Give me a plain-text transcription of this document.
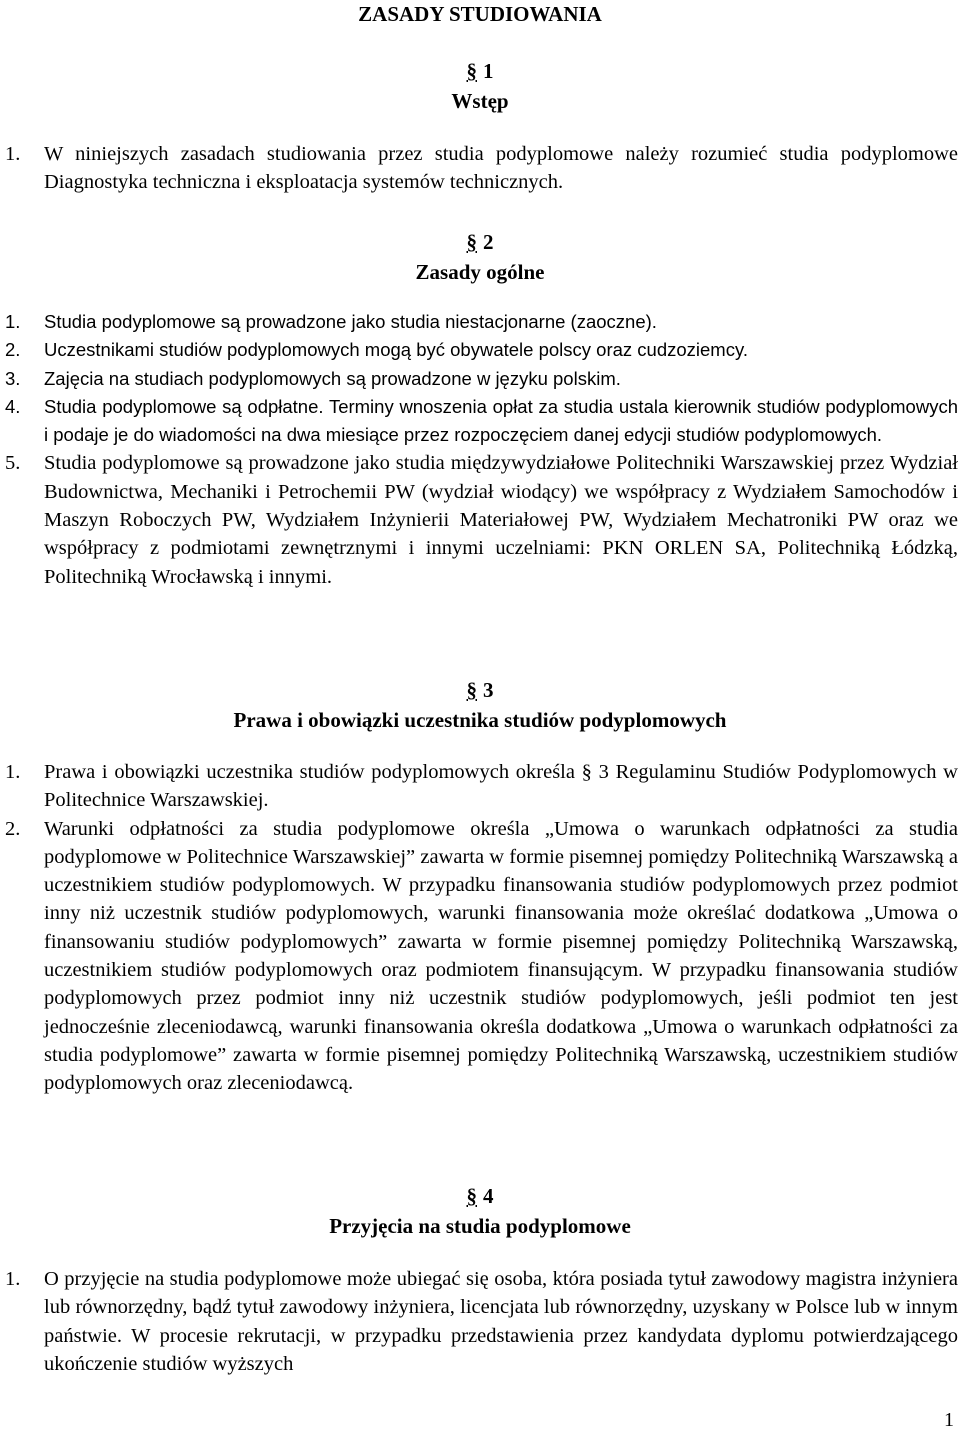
ZASADY STUDIOWANIA
§ 1
Wstęp
1. W niniejszych zasadach studiowania przez studia podyplomowe należy rozumieć studia podyplomowe Diagnostyka techniczna i eksploatacja systemów technicznych.
§ 2
Zasady ogólne
1. Studia podyplomowe są prowadzone jako studia niestacjonarne (zaoczne).
2. Uczestnikami studiów podyplomowych mogą być obywatele polscy oraz cudzoziemcy.
3. Zajęcia na studiach podyplomowych są prowadzone w języku polskim.
4. Studia podyplomowe są odpłatne. Terminy wnoszenia opłat za studia ustala kierownik studiów podyplomowych i podaje je do wiadomości na dwa miesiące przez rozpoczęciem danej edycji studiów podyplomowych.
5. Studia podyplomowe są prowadzone jako studia międzywydziałowe Politechniki Warszawskiej przez Wydział Budownictwa, Mechaniki i Petrochemii PW (wydział wiodący) we współpracy z Wydziałem Samochodów i Maszyn Roboczych PW, Wydziałem Inżynierii Materiałowej PW, Wydziałem Mechatroniki PW oraz we współpracy z podmiotami zewnętrznymi i innymi uczelniami: PKN ORLEN SA, Politechniką Łódzką, Politechniką Wrocławską i innymi.
§ 3
Prawa i obowiązki uczestnika studiów podyplomowych
1. Prawa i obowiązki uczestnika studiów podyplomowych określa § 3 Regulaminu Studiów Podyplomowych w Politechnice Warszawskiej.
2. Warunki odpłatności za studia podyplomowe określa „Umowa o warunkach odpłatności za studia podyplomowe w Politechnice Warszawskiej” zawarta w formie pisemnej pomiędzy Politechniką Warszawską a uczestnikiem studiów podyplomowych. W przypadku finansowania studiów podyplomowych przez podmiot inny niż uczestnik studiów podyplomowych, warunki finansowania może określać dodatkowa „Umowa o finansowaniu studiów podyplomowych” zawarta w formie pisemnej pomiędzy Politechniką Warszawską, uczestnikiem studiów podyplomowych oraz podmiotem finansującym. W przypadku finansowania studiów podyplomowych przez podmiot inny niż uczestnik studiów podyplomowych, jeśli podmiot ten jest jednocześnie zleceniodawcą, warunki finansowania określa dodatkowa „Umowa o warunkach odpłatności za studia podyplomowe” zawarta w formie pisemnej pomiędzy Politechniką Warszawską, uczestnikiem studiów podyplomowych oraz zleceniodawcą.
§ 4
Przyjęcia na studia podyplomowe
1. O przyjęcie na studia podyplomowe może ubiegać się osoba, która posiada tytuł zawodowy magistra inżyniera lub równorzędny, bądź tytuł zawodowy inżyniera, licencjata lub równorzędny, uzyskany w Polsce lub w innym państwie. W procesie rekrutacji, w przypadku przedstawienia przez kandydata dyplomu potwierdzającego ukończenie studiów wyższych
1
